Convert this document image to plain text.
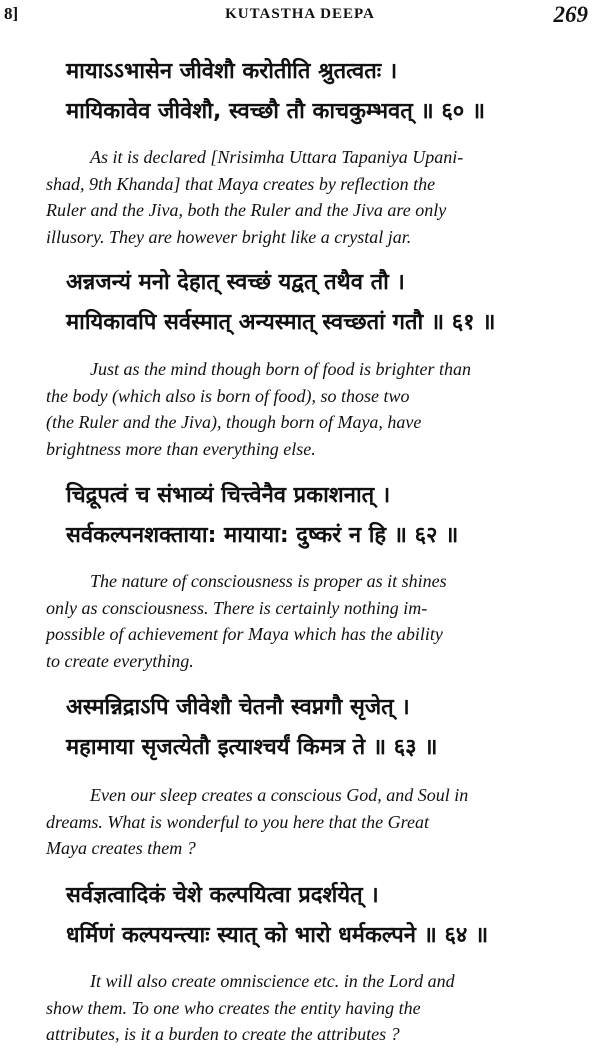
8]	KUTASTHA DEEPA	269
मायाऽऽभासेन जीवेशौ करोतीति श्रुतत्वतः ।
मायिकावेव जीवेशौ, स्वच्छौ तौ काचकुम्भवत् ॥ ६० ॥
As it is declared [Nrisimha Uttara Tapaniya Upani-
shad, 9th Khanda] that Maya creates by reflection the
Ruler and the Jiva, both the Ruler and the Jiva are only
illusory. They are however bright like a crystal jar.
अन्नजन्यं मनो देहात् स्वच्छं यद्वत् तथैव तौ ।
मायिकावपि सर्वस्मात् अन्यस्मात् स्वच्छतां गतौ ॥ ६१ ॥
Just as the mind though born of food is brighter than
the body (which also is born of food), so those two
(the Ruler and the Jiva), though born of Maya, have
brightness more than everything else.
चिद्रूपत्वं च संभाव्यं चित्त्वेनैव प्रकाशनात् ।
सर्वकल्पनशक्ताया: मायाया: दुष्करं न हि ॥ ६२ ॥
The nature of consciousness is proper as it shines
only as consciousness. There is certainly nothing im-
possible of achievement for Maya which has the ability
to create everything.
अस्मन्निद्राऽपि जीवेशौ चेतनौ स्वप्नगौ सृजेत् ।
महामाया सृजत्येतौ इत्याश्चर्यं किमत्र ते ॥ ६३ ॥
Even our sleep creates a conscious God, and Soul in
dreams. What is wonderful to you here that the Great
Maya creates them ?
सर्वज्ञत्वादिकं चेशे कल्पयित्वा प्रदर्शयेत् ।
धर्मिणं कल्पयन्त्याः स्यात् को भारो धर्मकल्पने ॥ ६४ ॥
It will also create omniscience etc. in the Lord and
show them. To one who creates the entity having the
attributes, is it a burden to create the attributes ?
